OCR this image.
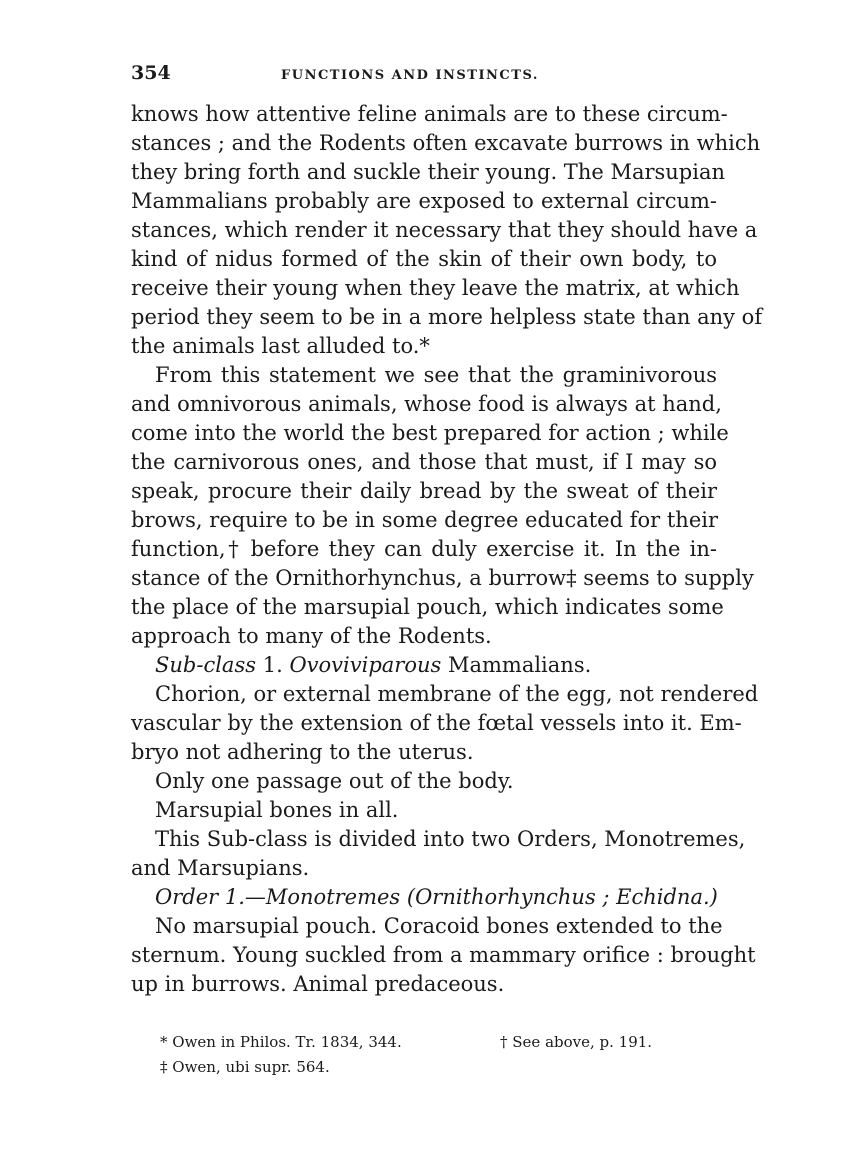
354	FUNCTIONS AND INSTINCTS.
knows how attentive feline animals are to these circum-
stances ; and the Rodents often excavate burrows in which
they bring forth and suckle their young. The Marsupian
Mammalians probably are exposed to external circum-
stances, which render it necessary that they should have a
kind of nidus formed of the skin of their own body, to
receive their young when they leave the matrix, at which
period they seem to be in a more helpless state than any of
the animals last alluded to.*
From this statement we see that the graminivorous
and omnivorous animals, whose food is always at hand,
come into the world the best prepared for action ; while
the carnivorous ones, and those that must, if I may so
speak, procure their daily bread by the sweat of their
brows, require to be in some degree educated for their
function,† before they can duly exercise it. In the in-
stance of the Ornithorhynchus, a burrow‡ seems to supply
the place of the marsupial pouch, which indicates some
approach to many of the Rodents.
Sub-class 1. Ovoviviparous Mammalians.
Chorion, or external membrane of the egg, not rendered
vascular by the extension of the fœtal vessels into it. Em-
bryo not adhering to the uterus.
Only one passage out of the body.
Marsupial bones in all.
This Sub-class is divided into two Orders, Monotremes,
and Marsupians.
Order 1.—Monotremes (Ornithorhynchus ; Echidna.)
No marsupial pouch. Coracoid bones extended to the
sternum. Young suckled from a mammary orifice : brought
up in burrows. Animal predaceous.
* Owen in Philos. Tr. 1834, 344.	† See above, p. 191.
‡ Owen, ubi supr. 564.
